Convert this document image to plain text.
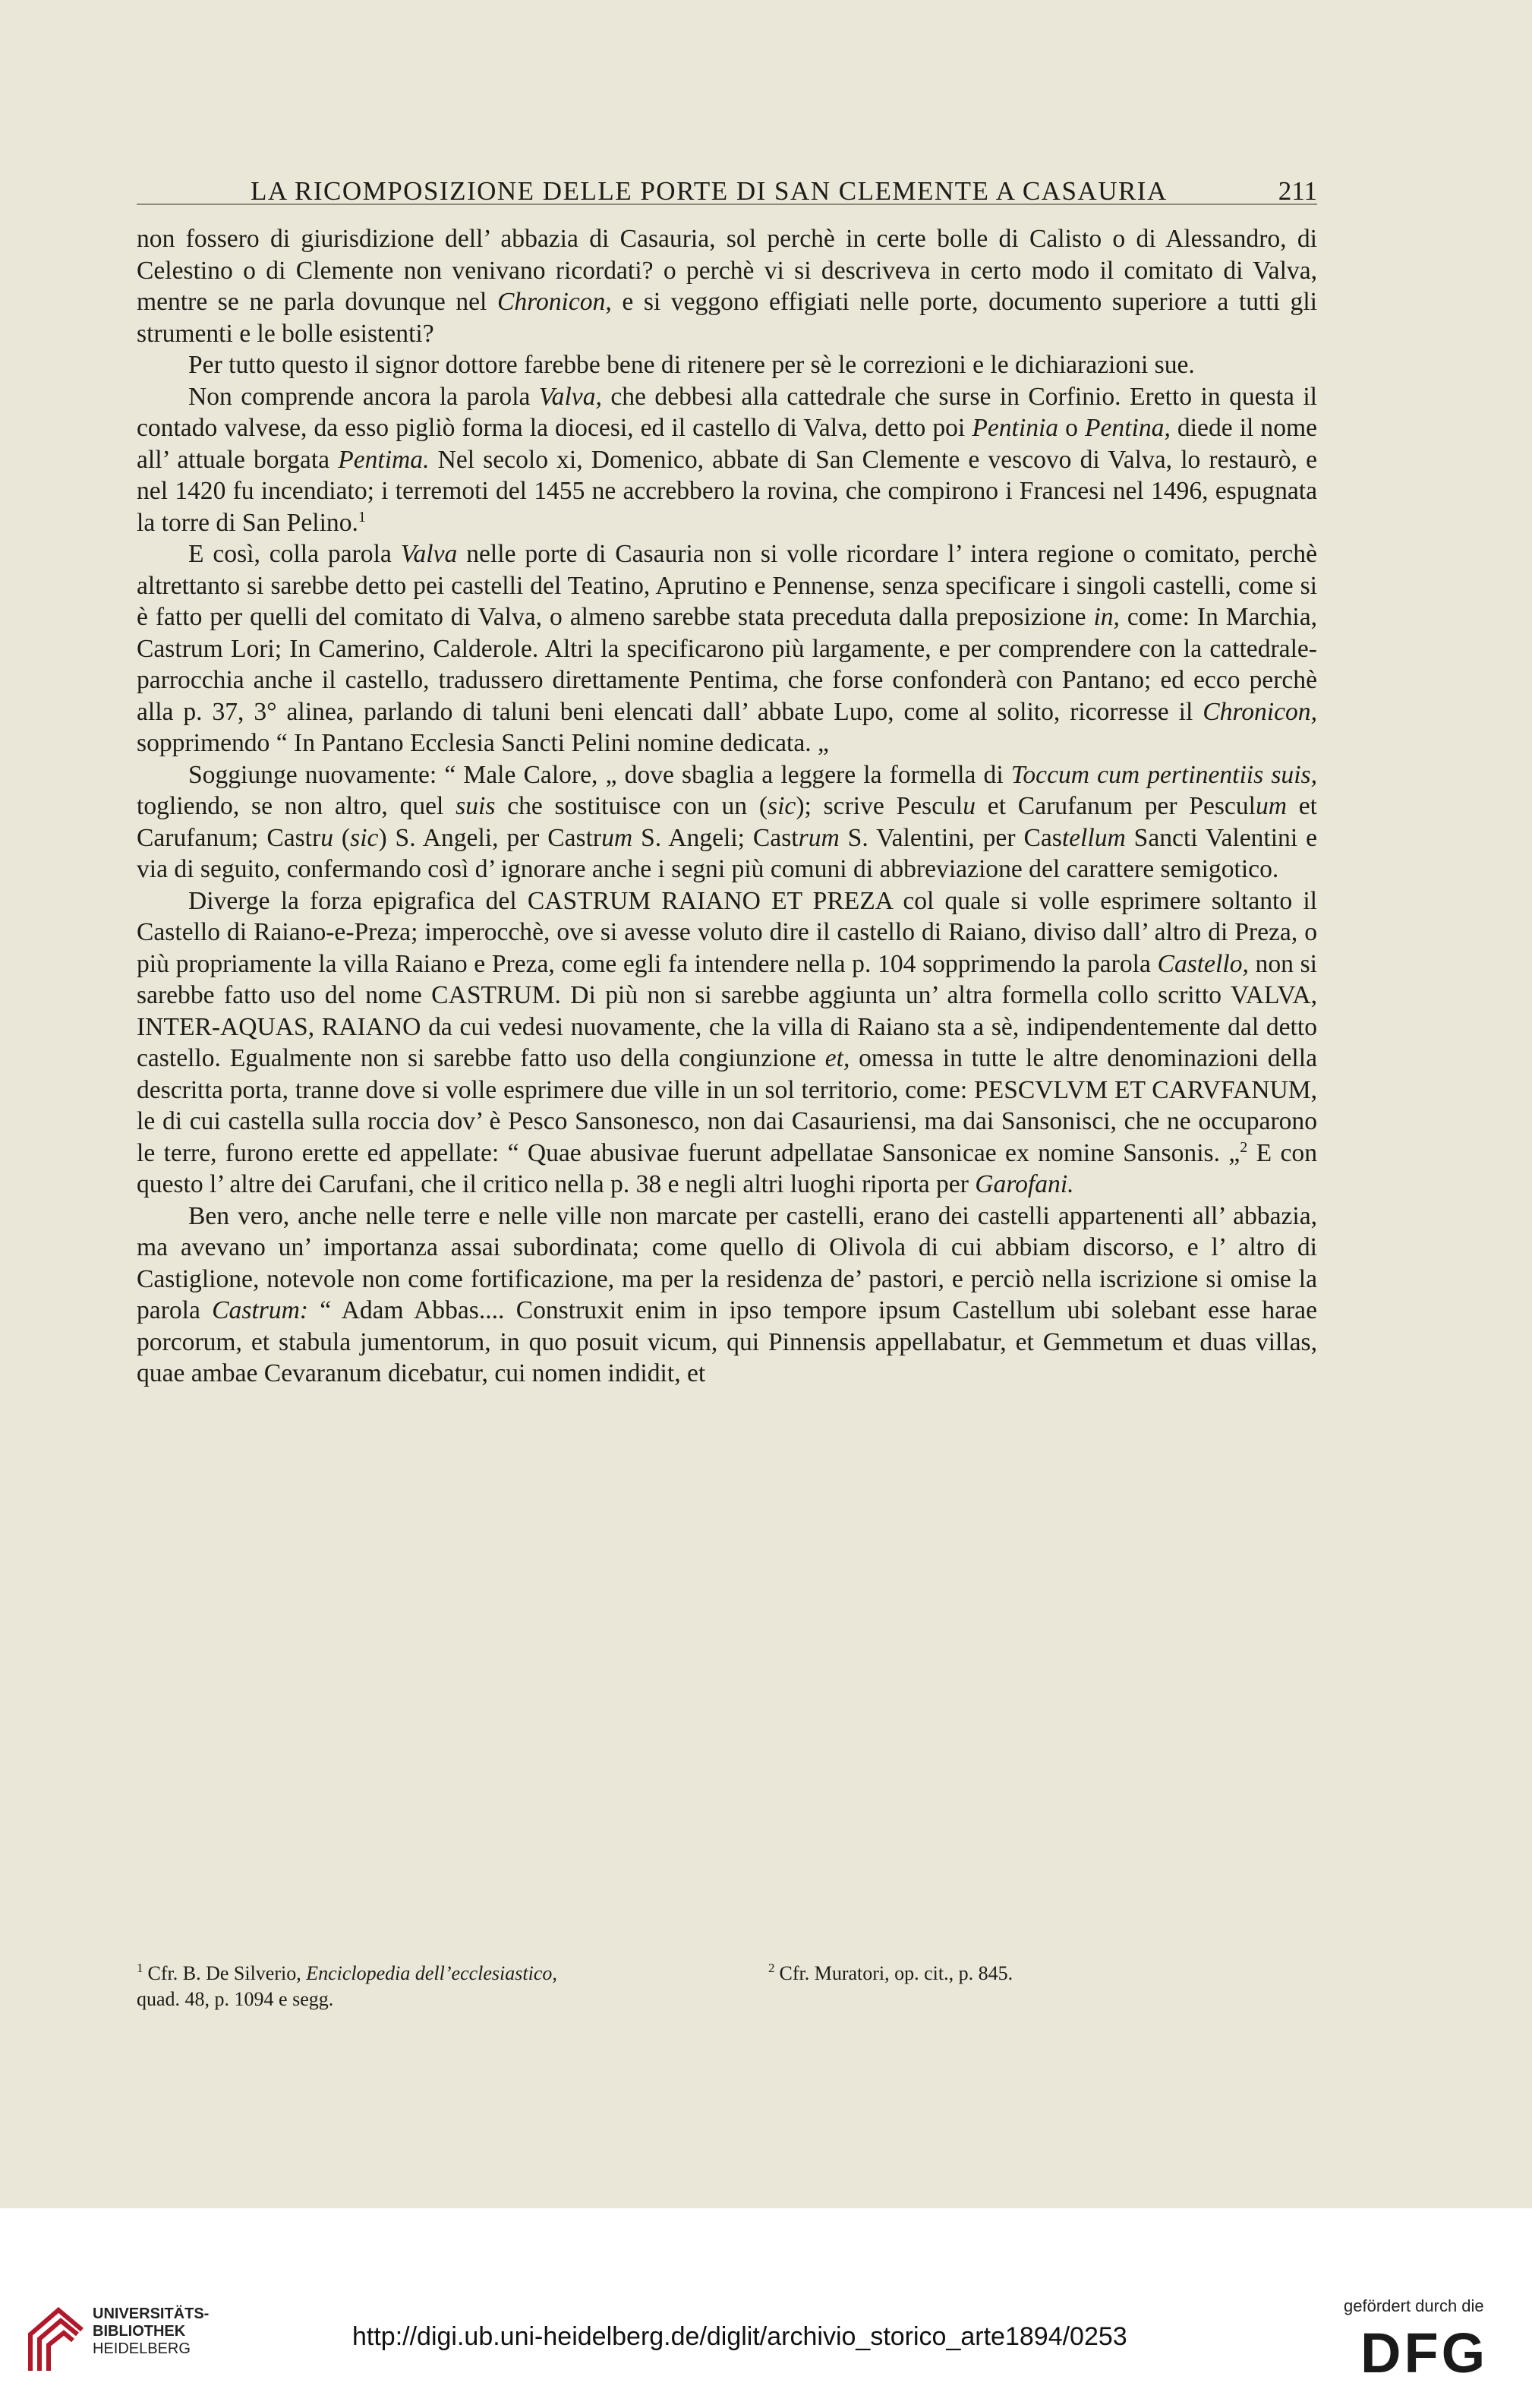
LA RICOMPOSIZIONE DELLE PORTE DI SAN CLEMENTE A CASAURIA	211

non fossero di giurisdizione dell’ abbazia di Casauria, sol perchè in certe bolle di Calisto o di Alessandro, di Celestino o di Clemente non venivano ricordati? o perchè vi si descriveva in certo modo il comitato di Valva, mentre se ne parla dovunque nel Chronicon, e si veggono effigiati nelle porte, documento superiore a tutti gli strumenti e le bolle esistenti?

Per tutto questo il signor dottore farebbe bene di ritenere per sè le correzioni e le dichiarazioni sue.

Non comprende ancora la parola Valva, che debbesi alla cattedrale che surse in Corfinio. Eretto in questa il contado valvese, da esso pigliò forma la diocesi, ed il castello di Valva, detto poi Pentinia o Pentina, diede il nome all’ attuale borgata Pentima. Nel secolo xi, Domenico, abbate di San Clemente e vescovo di Valva, lo restaurò, e nel 1420 fu incendiato; i terremoti del 1455 ne accrebbero la rovina, che compirono i Francesi nel 1496, espugnata la torre di San Pelino.$^1$

E così, colla parola Valva nelle porte di Casauria non si volle ricordare l’ intera regione o comitato, perchè altrettanto si sarebbe detto pei castelli del Teatino, Aprutino e Pennense, senza specificare i singoli castelli, come si è fatto per quelli del comitato di Valva, o almeno sarebbe stata preceduta dalla preposizione in, come: In Marchia, Castrum Lori; In Camerino, Calderole. Altri la specificarono più largamente, e per comprendere con la cattedrale-parrocchia anche il castello, tradussero direttamente Pentima, che forse confonderà con Pantano; ed ecco perchè alla p. 37, 3° alinea, parlando di taluni beni elencati dall’ abbate Lupo, come al solito, ricorresse il Chronicon, sopprimendo “ In Pantano Ecclesia Sancti Pelini nomine dedicata. „

Soggiunge nuovamente: “ Male Calore, „ dove sbaglia a leggere la formella di Toccum cum pertinentiis suis, togliendo, se non altro, quel suis che sostituisce con un (sic); scrive Pesculu et Carufanum per Pesculum et Carufanum; Castru (sic) S. Angeli, per Castrum S. Angeli; Castrum S. Valentini, per Castellum Sancti Valentini e via di seguito, confermando così d’ ignorare anche i segni più comuni di abbreviazione del carattere semigotico.

Diverge la forza epigrafica del CASTRUM RAIANO ET PREZA col quale si volle esprimere soltanto il Castello di Raiano-e-Preza; imperocchè, ove si avesse voluto dire il castello di Raiano, diviso dall’ altro di Preza, o più propriamente la villa Raiano e Preza, come egli fa intendere nella p. 104 sopprimendo la parola Castello, non si sarebbe fatto uso del nome CASTRUM. Di più non si sarebbe aggiunta un’ altra formella collo scritto VALVA, INTER-AQUAS, RAIANO da cui vedesi nuovamente, che la villa di Raiano sta a sè, indipendentemente dal detto castello. Egualmente non si sarebbe fatto uso della congiunzione et, omessa in tutte le altre denominazioni della descritta porta, tranne dove si volle esprimere due ville in un sol territorio, come: PESCVLVM ET CARVFANUM, le di cui castella sulla roccia dov’ è Pesco Sansonesco, non dai Casauriensi, ma dai Sansonisci, che ne occuparono le terre, furono erette ed appellate: “ Quae abusivae fuerunt adpellatae Sansonicae ex nomine Sansonis. „$^2$ E con questo l’ altre dei Carufani, che il critico nella p. 38 e negli altri luoghi riporta per Garofani.

Ben vero, anche nelle terre e nelle ville non marcate per castelli, erano dei castelli appartenenti all’ abbazia, ma avevano un’ importanza assai subordinata; come quello di Olivola di cui abbiam discorso, e l’ altro di Castiglione, notevole non come fortificazione, ma per la residenza de’ pastori, e perciò nella iscrizione si omise la parola Castrum: “ Adam Abbas.... Construxit enim in ipso tempore ipsum Castellum ubi solebant esse harae porcorum, et stabula jumentorum, in quo posuit vicum, qui Pinnensis appellabatur, et Gemmetum et duas villas, quae ambae Cevaranum dicebatur, cui nomen indidit, et

$^1$ Cfr. B. De Silverio, Enciclopedia dell’ecclesiastico,
quad. 48, p. 1094 e segg.
$^2$ Cfr. Muratori, op. cit., p. 845.
UNIVERSITÄTS-
BIBLIOTHEK
HEIDELBERG	http://digi.ub.uni-heidelberg.de/diglit/archivio_storico_arte1894/0253
gefördert durch die
DFG
